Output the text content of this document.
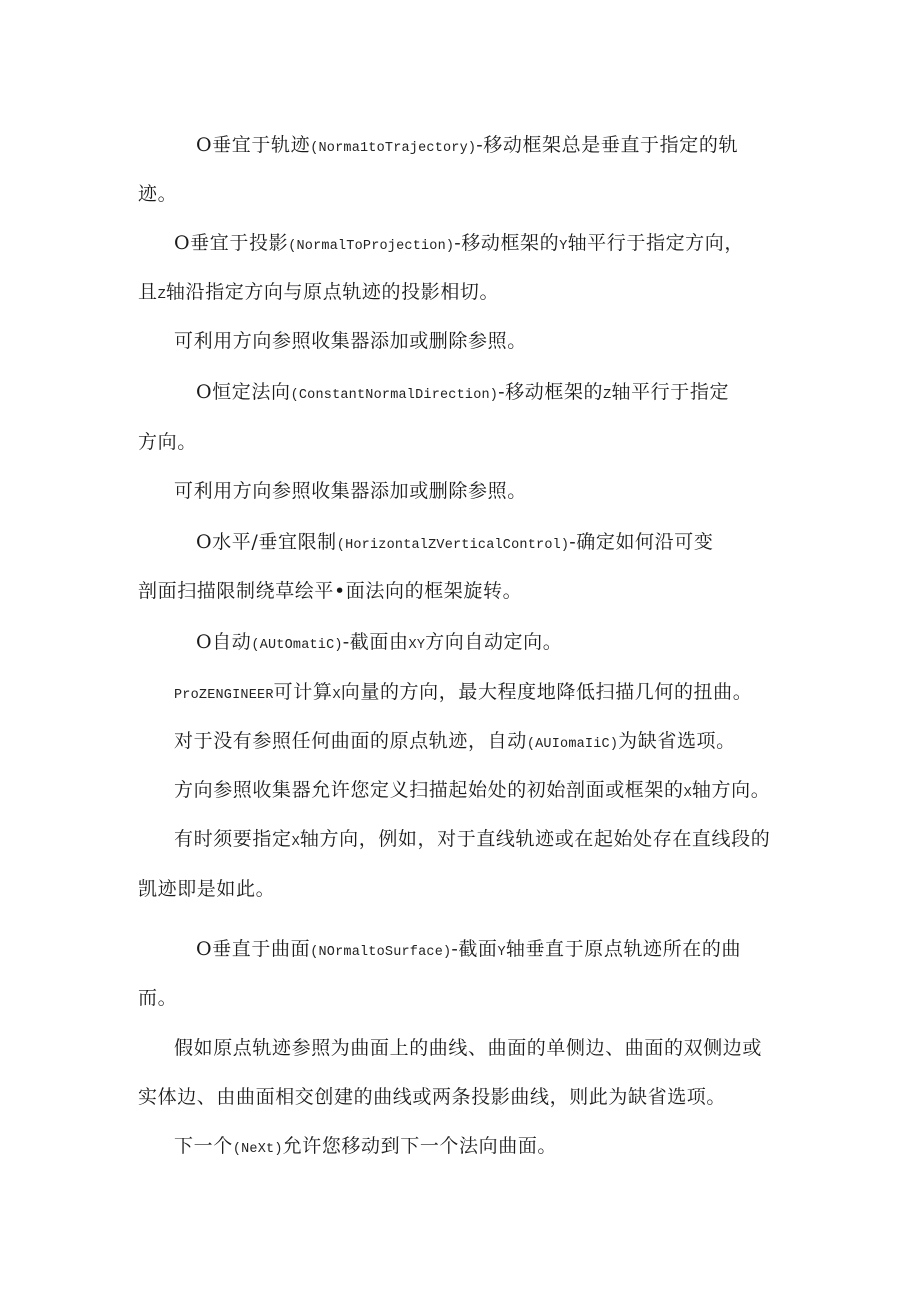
O垂宜于轨迹(Norma1toTrajectory)-移动框架总是垂直于指定的轨
迹。
O垂宜于投影(NormalToProjection)-移动框架的Y轴平行于指定方向，
且Z轴沿指定方向与原点轨迹的投影相切。
可利用方向参照收集器添加或删除参照。
O恒定法向(ConstantNormalDirection)-移动框架的Z轴平行于指定
方向。
可利用方向参照收集器添加或删除参照。
O水平/垂宜限制(HorizontalZVerticalControl)-确定如何沿可变
剖面扫描限制绕草绘平•面法向的框架旋转。
O自动(AUtOmatiC)-截面由XY方向自动定向。
ProZENGINEER可计算X向量的方向，最大程度地降低扫描几何的扭曲。
对于没有参照任何曲面的原点轨迹，自动(AUIomaIiC)为缺省选项。
方向参照收集器允许您定义扫描起始处的初始剖面或框架的X轴方向。
有时须要指定X轴方向，例如，对于直线轨迹或在起始处存在直线段的
凯迹即是如此。
O垂直于曲面(NOrmaltoSurface)-截面Y轴垂直于原点轨迹所在的曲
而。
假如原点轨迹参照为曲面上的曲线、曲面的单侧边、曲面的双侧边或
实体边、由曲面相交创建的曲线或两条投影曲线，则此为缺省选项。
下一个(NeXt)允许您移动到下一个法向曲面。
